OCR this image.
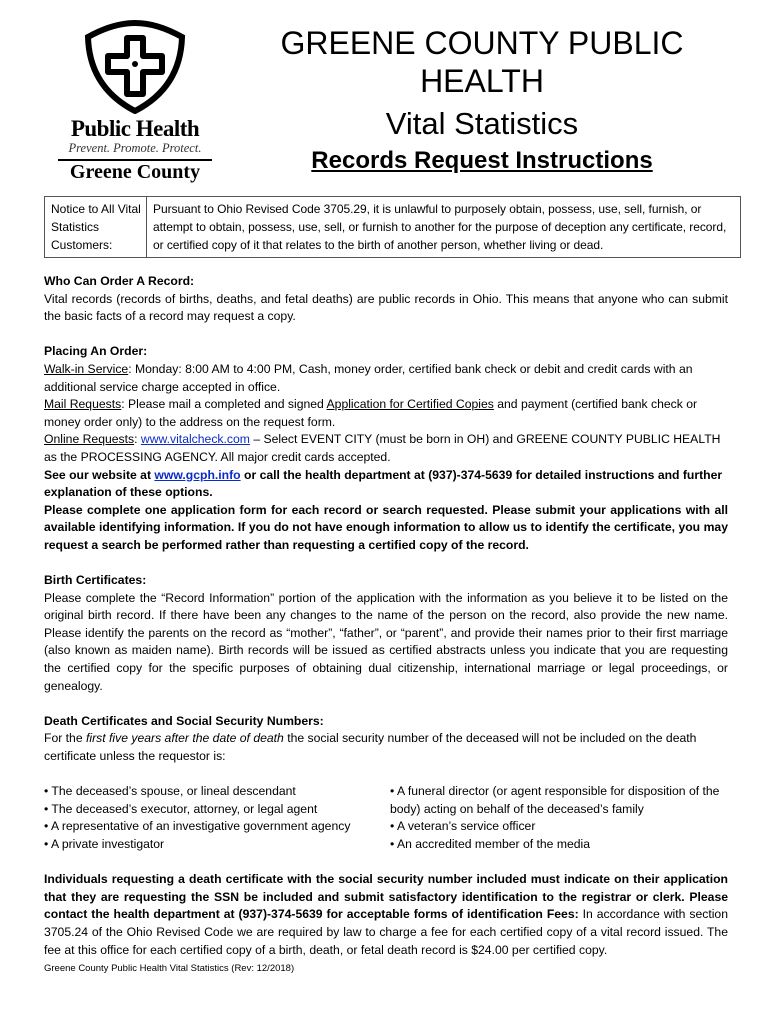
Public Health
Prevent. Promote. Protect.
Greene County
GREENE COUNTY PUBLIC
HEALTH
Vital Statistics
Records Request Instructions
Notice to All Vital Statistics Customers:	Pursuant to Ohio Revised Code 3705.29, it is unlawful to purposely obtain, possess, use, sell, furnish, or attempt to obtain, possess, use, sell, or furnish to another for the purpose of deception any certificate, record, or certified copy of it that relates to the birth of another person, whether living or dead.

Who Can Order A Record:

Vital records (records of births, deaths, and fetal deaths) are public records in Ohio. This means that anyone who can submit the basic facts of a record may request a copy.

Placing An Order:

Walk-in Service: Monday: 8:00 AM to 4:00 PM, Cash, money order, certified bank check or debit and credit cards with an additional service charge accepted in office.

Mail Requests: Please mail a completed and signed Application for Certified Copies and payment (certified bank check or money order only) to the address on the request form.

Online Requests: www.vitalcheck.com – Select EVENT CITY (must be born in OH) and GREENE COUNTY PUBLIC HEALTH as the PROCESSING AGENCY. All major credit cards accepted.

See our website at www.gcph.info or call the health department at (937)-374-5639 for detailed instructions and further explanation of these options.

Please complete one application form for each record or search requested. Please submit your applications with all available identifying information. If you do not have enough information to allow us to identify the certificate, you may request a search be performed rather than requesting a certified copy of the record.

Birth Certificates:

Please complete the “Record Information” portion of the application with the information as you believe it to be listed on the original birth record. If there have been any changes to the name of the person on the record, also provide the new name. Please identify the parents on the record as “mother”, “father”, or “parent”, and provide their names prior to their first marriage (also known as maiden name). Birth records will be issued as certified abstracts unless you indicate that you are requesting the certified copy for the specific purposes of obtaining dual citizenship, international marriage or legal proceedings, or genealogy.

Death Certificates and Social Security Numbers:

For the first five years after the date of death the social security number of the deceased will not be included on the death certificate unless the requestor is:

• The deceased’s spouse, or lineal descendant

• The deceased’s executor, attorney, or legal agent

• A representative of an investigative government agency

• A private investigator

• A funeral director (or agent responsible for disposition of the body) acting on behalf of the deceased’s family

• A veteran’s service officer

• An accredited member of the media

Individuals requesting a death certificate with the social security number included must indicate on their application that they are requesting the SSN be included and submit satisfactory identification to the registrar or clerk. Please contact the health department at (937)-374-5639 for acceptable forms of identification Fees: In accordance with section 3705.24 of the Ohio Revised Code we are required by law to charge a fee for each certified copy of a vital record issued. The fee at this office for each certified copy of a birth, death, or fetal death record is $24.00 per certified copy.

Greene County Public Health Vital Statistics (Rev: 12/2018)
